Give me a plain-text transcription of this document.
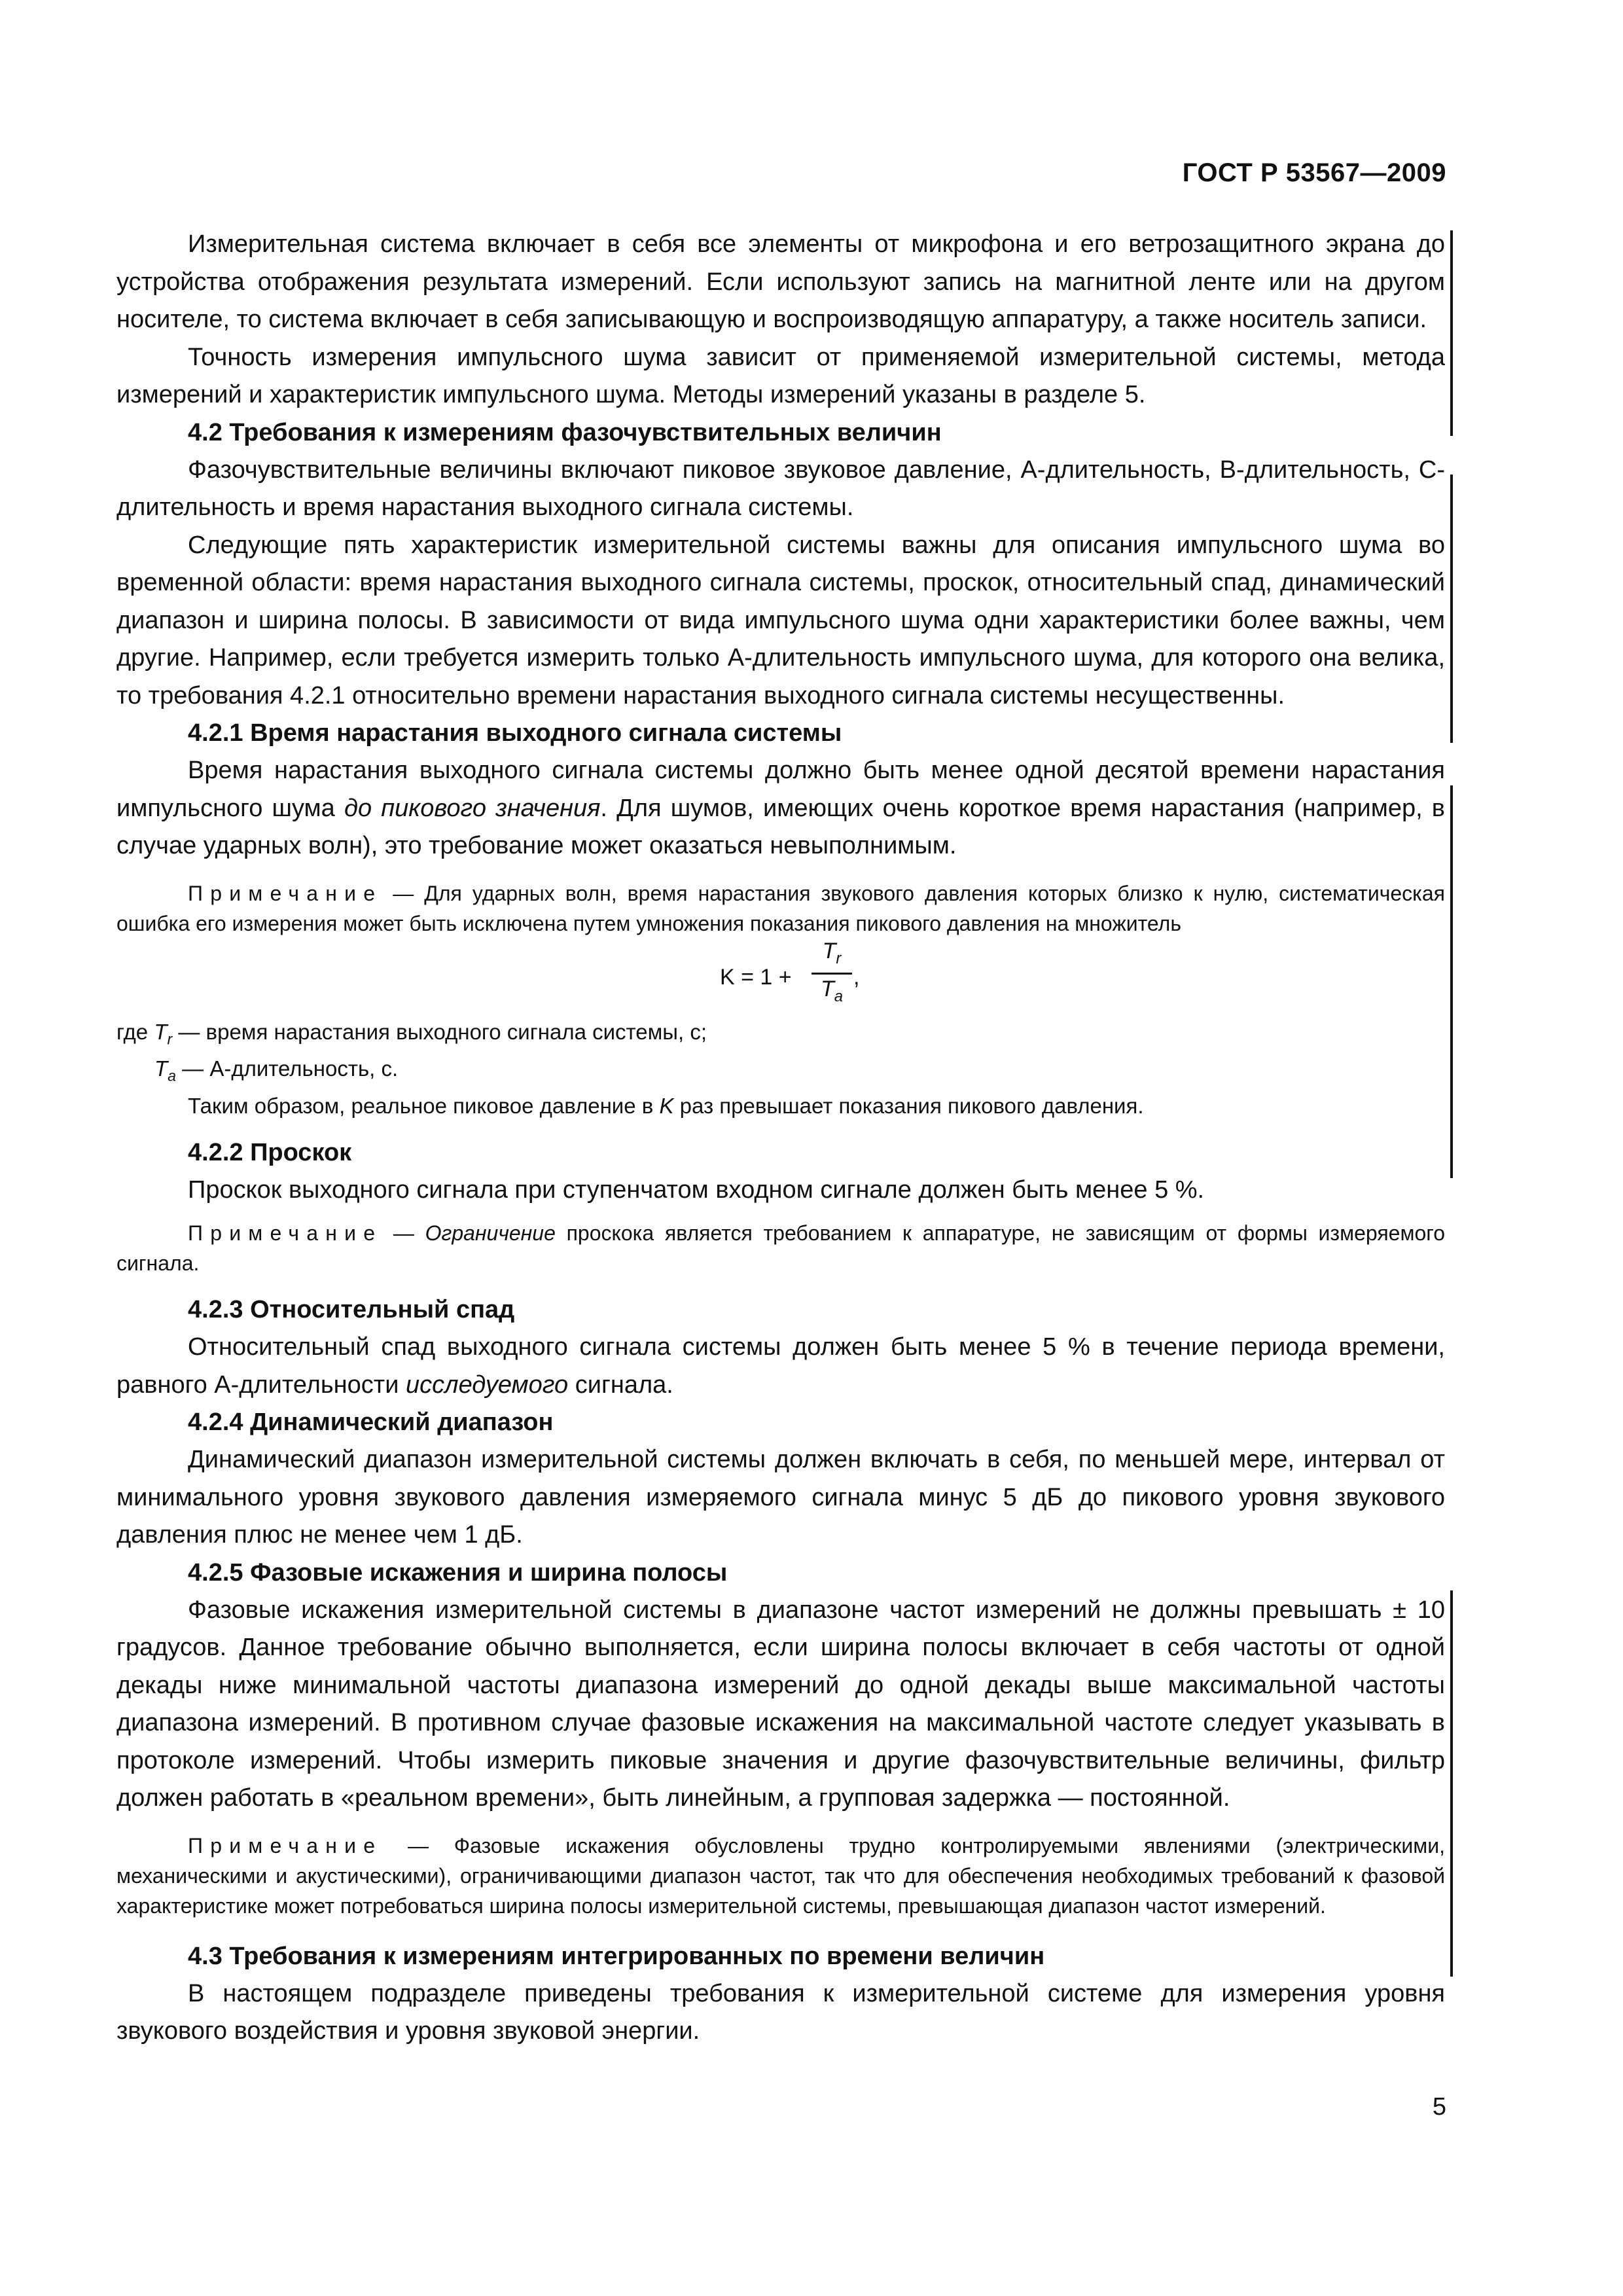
ГОСТ Р 53567—2009

Измерительная система включает в себя все элементы от микрофона и его ветрозащитного экрана до устройства отображения результата измерений. Если используют запись на магнитной ленте или на другом носителе, то система включает в себя записывающую и воспроизводящую аппаратуру, а также носитель записи.

Точность измерения импульсного шума зависит от применяемой измерительной системы, метода измерений и характеристик импульсного шума. Методы измерений указаны в разделе 5.

4.2 Требования к измерениям фазочувствительных величин

Фазочувствительные величины включают пиковое звуковое давление, А-длительность, В-длительность, С-длительность и время нарастания выходного сигнала системы.

Следующие пять характеристик измерительной системы важны для описания импульсного шума во временной области: время нарастания выходного сигнала системы, проскок, относительный спад, динамический диапазон и ширина полосы. В зависимости от вида импульсного шума одни характеристики более важны, чем другие. Например, если требуется измерить только А-длительность импульсного шума, для которого она велика, то требования 4.2.1 относительно времени нарастания выходного сигнала системы несущественны.

4.2.1 Время нарастания выходного сигнала системы

Время нарастания выходного сигнала системы должно быть менее одной десятой времени нарастания импульсного шума до пикового значения. Для шумов, имеющих очень короткое время нарастания (например, в случае ударных волн), это требование может оказаться невыполнимым.

Примечание — Для ударных волн, время нарастания звукового давления которых близко к нулю, систематическая ошибка его измерения может быть исключена путем умножения показания пикового давления на множитель

K = 1 +
$T_r$
$T_a$
,
где $T_r$ — время нарастания выходного сигнала системы, с;
$T_a$ — А-длительность, с.
Таким образом, реальное пиковое давление в K раз превышает показания пикового давления.
4.2.2 Проскок

Проскок выходного сигнала при ступенчатом входном сигнале должен быть менее 5 %.

Примечание — Ограничение проскока является требованием к аппаратуре, не зависящим от формы измеряемого сигнала.

4.2.3 Относительный спад

Относительный спад выходного сигнала системы должен быть менее 5 % в течение периода времени, равного А-длительности исследуемого сигнала.

4.2.4 Динамический диапазон

Динамический диапазон измерительной системы должен включать в себя, по меньшей мере, интервал от минимального уровня звукового давления измеряемого сигнала минус 5 дБ до пикового уровня звукового давления плюс не менее чем 1 дБ.

4.2.5 Фазовые искажения и ширина полосы

Фазовые искажения измерительной системы в диапазоне частот измерений не должны превышать ± 10 градусов. Данное требование обычно выполняется, если ширина полосы включает в себя частоты от одной декады ниже минимальной частоты диапазона измерений до одной декады выше максимальной частоты диапазона измерений. В противном случае фазовые искажения на максимальной частоте следует указывать в протоколе измерений. Чтобы измерить пиковые значения и другие фазочувствительные величины, фильтр должен работать в «реальном времени», быть линейным, а групповая задержка — постоянной.

Примечание — Фазовые искажения обусловлены трудно контролируемыми явлениями (электрическими, механическими и акустическими), ограничивающими диапазон частот, так что для обеспечения необходимых требований к фазовой характеристике может потребоваться ширина полосы измерительной системы, превышающая диапазон частот измерений.

4.3 Требования к измерениям интегрированных по времени величин

В настоящем подразделе приведены требования к измерительной системе для измерения уровня звукового воздействия и уровня звуковой энергии.

5
